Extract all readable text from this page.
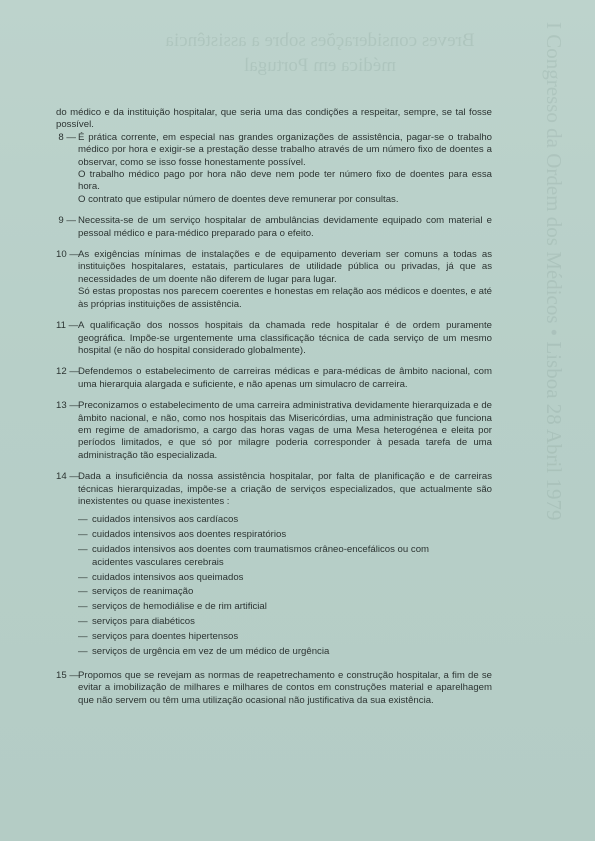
Breves considerações sobre a assistência médica em Portugal	I Congresso da Ordem dos Médicos • Lisboa 28 Abril 1979

do médico e da instituição hospitalar, que seria uma das condições a respeitar, sempre, se tal fosse possível.

8 — É prática corrente, em especial nas grandes organizações de assistência, pagar-se o trabalho médico por hora e exigir-se a prestação desse trabalho através de um número fixo de doentes a observar, como se isso fosse honestamente possível.

O trabalho médico pago por hora não deve nem pode ter número fixo de doentes para essa hora.

O contrato que estipular número de doentes deve remunerar por consultas.

9 — Necessita-se de um serviço hospitalar de ambulâncias devidamente equipado com material e pessoal médico e para-médico preparado para o efeito.

10 — As exigências mínimas de instalações e de equipamento deveriam ser comuns a todas as instituições hospitalares, estatais, particulares de utilidade pública ou privadas, já que as necessidades de um doente não diferem de lugar para lugar.

Só estas propostas nos parecem coerentes e honestas em relação aos médicos e doentes, e até às próprias instituições de assistência.

11 — A qualificação dos nossos hospitais da chamada rede hospitalar é de ordem puramente geográfica. Impõe-se urgentemente uma classificação técnica de cada serviço de um mesmo hospital (e não do hospital considerado globalmente).

12 — Defendemos o estabelecimento de carreiras médicas e para-médicas de âmbito nacional, com uma hierarquia alargada e suficiente, e não apenas um simulacro de carreira.

13 — Preconizamos o estabelecimento de uma carreira administrativa devidamente hierarquizada e de âmbito nacional, e não, como nos hospitais das Misericórdias, uma administração que funciona em regime de amadorismo, a cargo das horas vagas de uma Mesa heterogénea e eleita por períodos limitados, e que só por milagre poderia corresponder à pesada tarefa de uma administração tão especializada.

14 — Dada a insuficiência da nossa assistência hospitalar, por falta de planificação e de carreiras técnicas hierarquizadas, impõe-se a criação de serviços especializados, que actualmente são inexistentes ou quase inexistentes :

— cuidados intensivos aos cardíacos
— cuidados intensivos aos doentes respiratórios
— cuidados intensivos aos doentes com traumatismos crâneo-encefálicos ou com acidentes vasculares cerebrais
— cuidados intensivos aos queimados
— serviços de reanimação
— serviços de hemodiálise e de rim artificial
— serviços para diabéticos
— serviços para doentes hipertensos
— serviços de urgência em vez de um médico de urgência
15 — Propomos que se revejam as normas de reapetrechamento e construção hospitalar, a fim de se evitar a imobilização de milhares e milhares de contos em construções material e aparelhagem que não servem ou têm uma utilização ocasional não justificativa da sua existência.
